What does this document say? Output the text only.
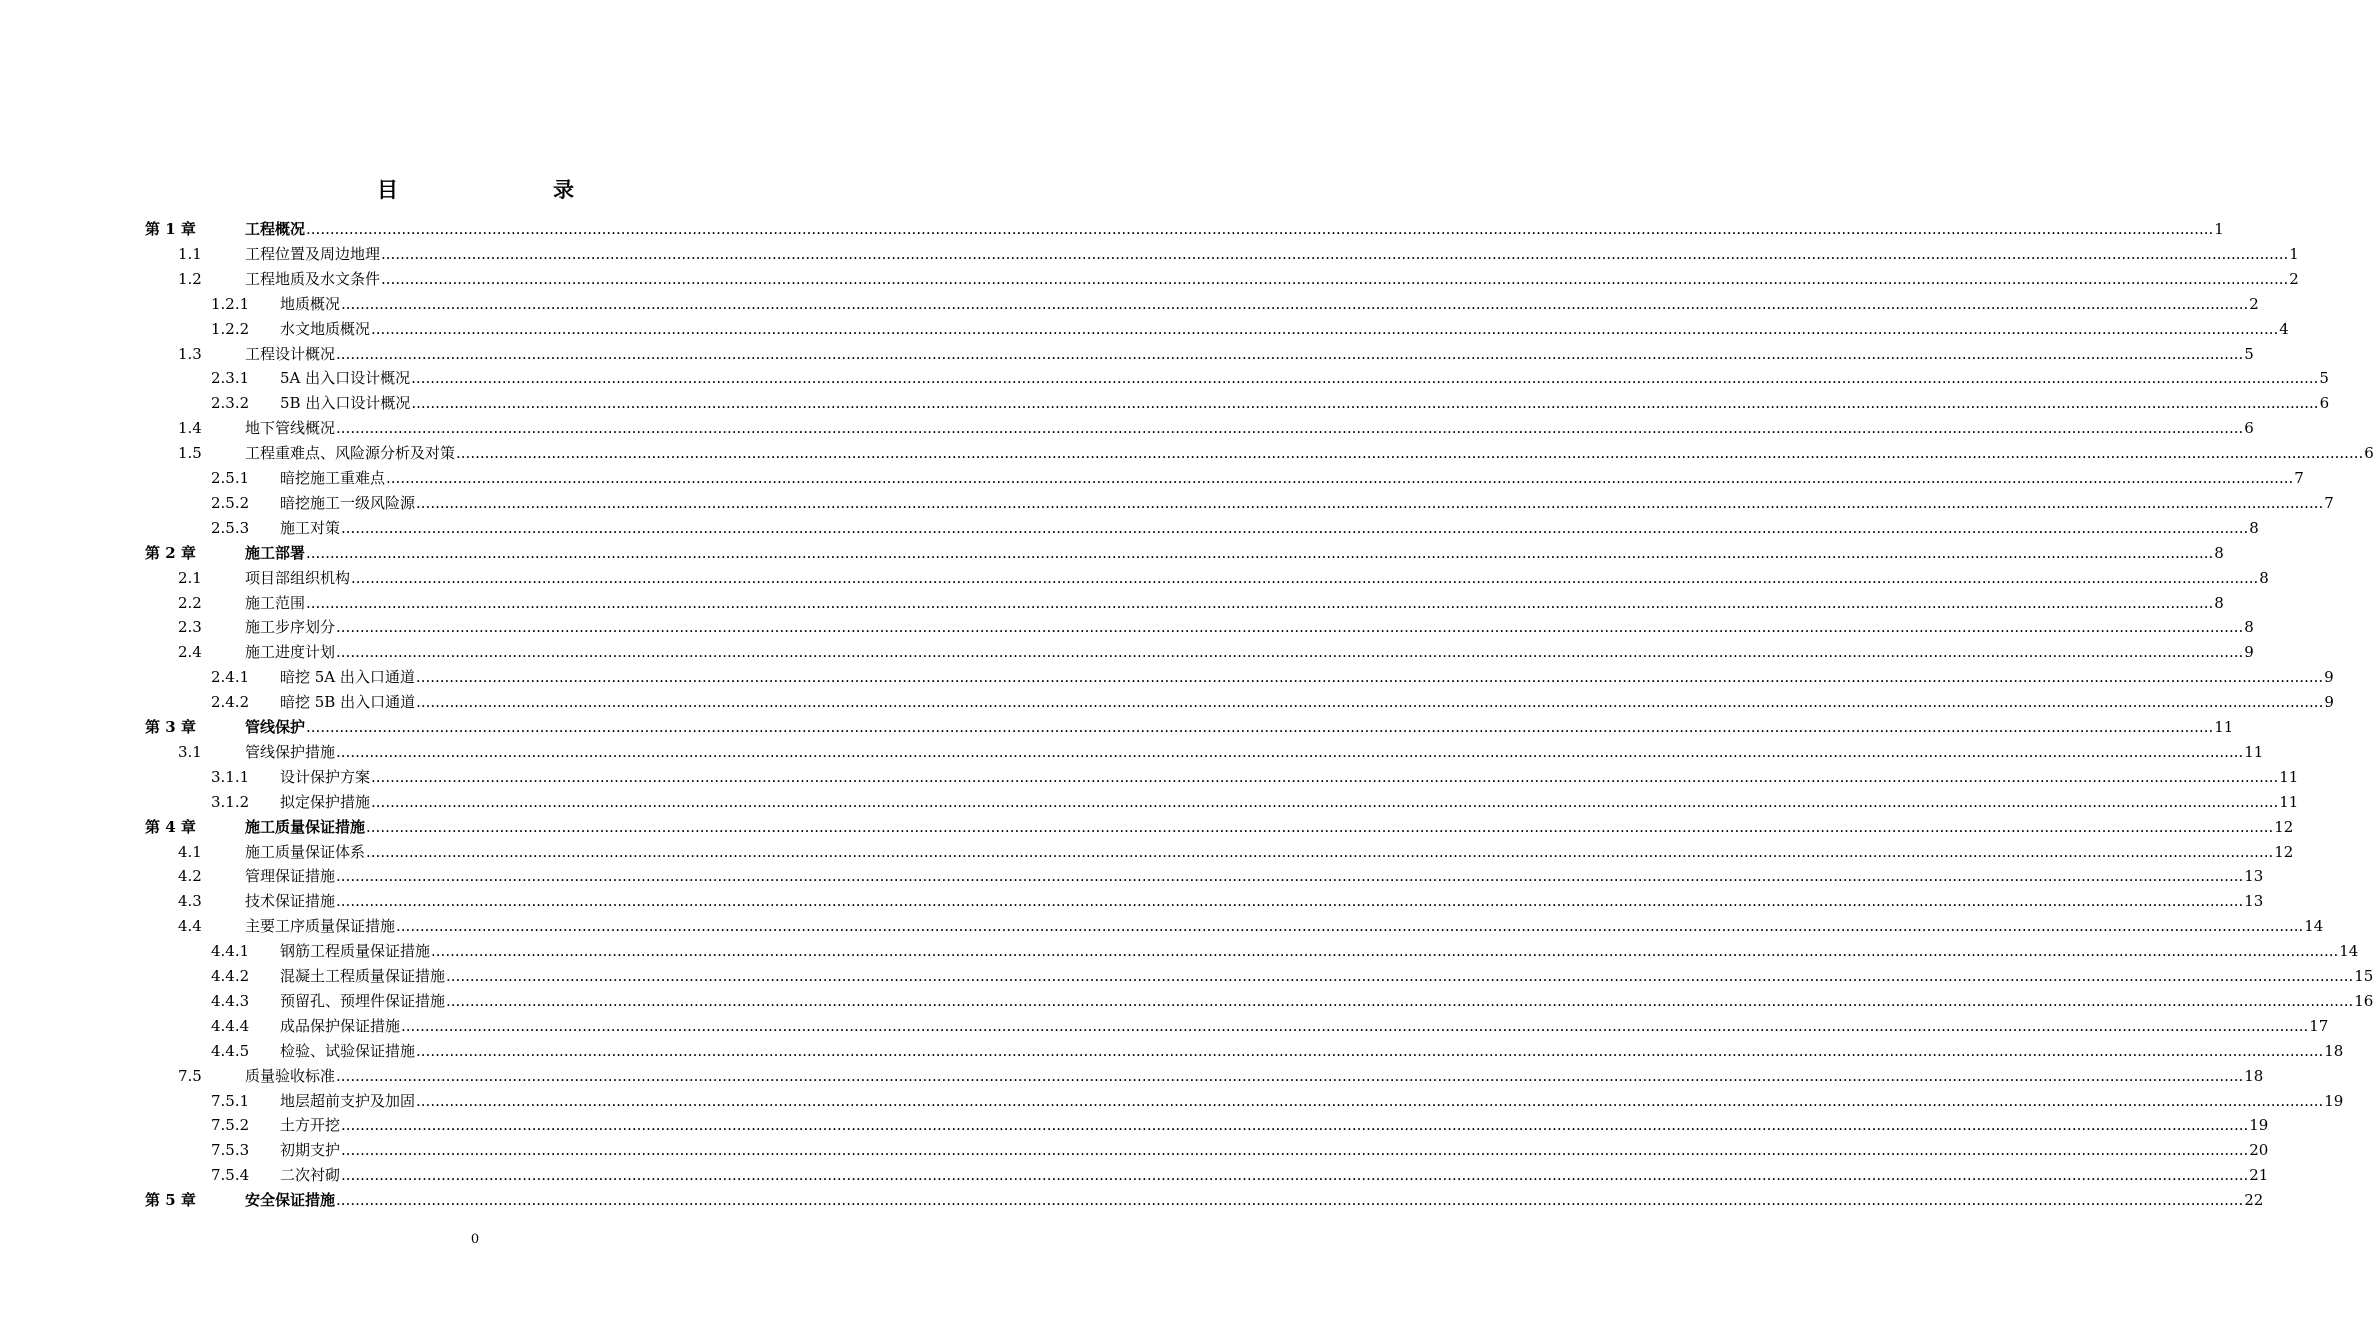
目	录
第 1 章	工程概况 ................................................................................................................................................................................................................................................................................................................................................................................................................ 1
1.1	工程位置及周边地理 ................................................................................................................................................................................................................................................................................................................................................................................................................ 1
1.2	工程地质及水文条件 ................................................................................................................................................................................................................................................................................................................................................................................................................ 2
1.2.1 地质概况 ................................................................................................................................................................................................................................................................................................................................................................................................................ 2
1.2.2 水文地质概况 ................................................................................................................................................................................................................................................................................................................................................................................................................ 4
1.3	工程设计概况 ................................................................................................................................................................................................................................................................................................................................................................................................................ 5
2.3.1 5A 出入口设计概况 ................................................................................................................................................................................................................................................................................................................................................................................................................ 5
2.3.2 5B 出入口设计概况 ................................................................................................................................................................................................................................................................................................................................................................................................................ 6
1.4	地下管线概况 ................................................................................................................................................................................................................................................................................................................................................................................................................ 6
1.5	工程重难点、风险源分析及对策 ................................................................................................................................................................................................................................................................................................................................................................................................................ 6
2.5.1 暗挖施工重难点 ................................................................................................................................................................................................................................................................................................................................................................................................................ 7
2.5.2 暗挖施工一级风险源 ................................................................................................................................................................................................................................................................................................................................................................................................................ 7
2.5.3 施工对策 ................................................................................................................................................................................................................................................................................................................................................................................................................ 8
第 2 章	施工部署 ................................................................................................................................................................................................................................................................................................................................................................................................................ 8
2.1	项目部组织机构 ................................................................................................................................................................................................................................................................................................................................................................................................................ 8
2.2	施工范围 ................................................................................................................................................................................................................................................................................................................................................................................................................ 8
2.3	施工步序划分 ................................................................................................................................................................................................................................................................................................................................................................................................................ 8
2.4	施工进度计划 ................................................................................................................................................................................................................................................................................................................................................................................................................ 9
2.4.1 暗挖 5A 出入口通道 ................................................................................................................................................................................................................................................................................................................................................................................................................ 9
2.4.2 暗挖 5B 出入口通道 ................................................................................................................................................................................................................................................................................................................................................................................................................ 9
第 3 章	管线保护 ................................................................................................................................................................................................................................................................................................................................................................................................................ 11
3.1	管线保护措施 ................................................................................................................................................................................................................................................................................................................................................................................................................ 11
3.1.1 设计保护方案 ................................................................................................................................................................................................................................................................................................................................................................................................................ 11
3.1.2 拟定保护措施 ................................................................................................................................................................................................................................................................................................................................................................................................................ 11
第 4 章	施工质量保证措施 ................................................................................................................................................................................................................................................................................................................................................................................................................ 12
4.1	施工质量保证体系 ................................................................................................................................................................................................................................................................................................................................................................................................................ 12
4.2	管理保证措施 ................................................................................................................................................................................................................................................................................................................................................................................................................ 13
4.3	技术保证措施 ................................................................................................................................................................................................................................................................................................................................................................................................................ 13
4.4	主要工序质量保证措施 ................................................................................................................................................................................................................................................................................................................................................................................................................ 14
4.4.1 钢筋工程质量保证措施 ................................................................................................................................................................................................................................................................................................................................................................................................................ 14
4.4.2 混凝土工程质量保证措施 ................................................................................................................................................................................................................................................................................................................................................................................................................ 15
4.4.3 预留孔、预埋件保证措施 ................................................................................................................................................................................................................................................................................................................................................................................................................ 16
4.4.4 成品保护保证措施 ................................................................................................................................................................................................................................................................................................................................................................................................................ 17
4.4.5 检验、试验保证措施 ................................................................................................................................................................................................................................................................................................................................................................................................................ 18
7.5	质量验收标准 ................................................................................................................................................................................................................................................................................................................................................................................................................ 18
7.5.1 地层超前支护及加固 ................................................................................................................................................................................................................................................................................................................................................................................................................ 19
7.5.2 土方开挖 ................................................................................................................................................................................................................................................................................................................................................................................................................ 19
7.5.3 初期支护 ................................................................................................................................................................................................................................................................................................................................................................................................................ 20
7.5.4 二次衬砌 ................................................................................................................................................................................................................................................................................................................................................................................................................ 21
第 5 章	安全保证措施 ................................................................................................................................................................................................................................................................................................................................................................................................................ 22
0
